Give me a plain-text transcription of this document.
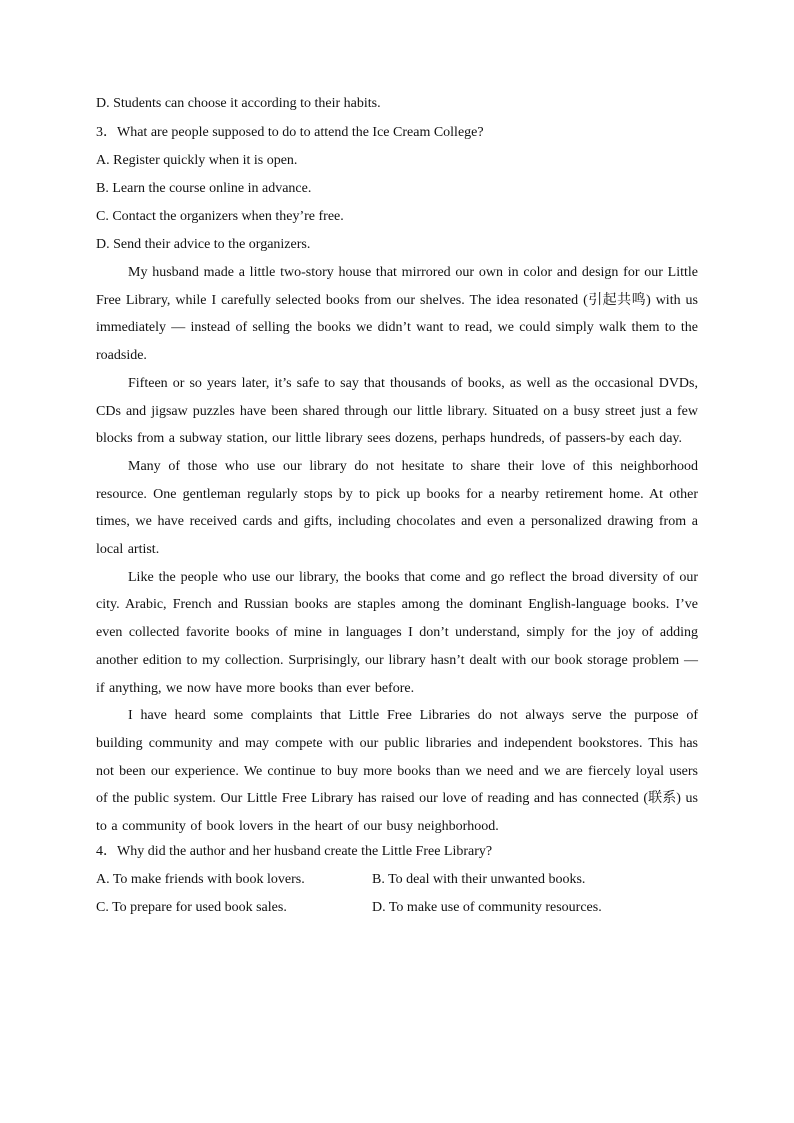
D. Students can choose it according to their habits.

3．What are people supposed to do to attend the Ice Cream College?

A. Register quickly when it is open.

B. Learn the course online in advance.

C. Contact the organizers when they’re free.

D. Send their advice to the organizers.

My husband made a little two-story house that mirrored our own in color and design for our Little Free Library, while I carefully selected books from our shelves. The idea resonated (引起共鸣) with us immediately — instead of selling the books we didn’t want to read, we could simply walk them to the roadside.

Fifteen or so years later, it’s safe to say that thousands of books, as well as the occasional DVDs, CDs and jigsaw puzzles have been shared through our little library. Situated on a busy street just a few blocks from a subway station, our little library sees dozens, perhaps hundreds, of passers-by each day.

Many of those who use our library do not hesitate to share their love of this neighborhood resource. One gentleman regularly stops by to pick up books for a nearby retirement home. At other times, we have received cards and gifts, including chocolates and even a personalized drawing from a local artist.

Like the people who use our library, the books that come and go reflect the broad diversity of our city. Arabic, French and Russian books are staples among the dominant English-language books. I’ve even collected favorite books of mine in languages I don’t understand, simply for the joy of adding another edition to my collection. Surprisingly, our library hasn’t dealt with our book storage problem — if anything, we now have more books than ever before.

I have heard some complaints that Little Free Libraries do not always serve the purpose of building community and may compete with our public libraries and independent bookstores. This has not been our experience. We continue to buy more books than we need and we are fiercely loyal users of the public system. Our Little Free Library has raised our love of reading and has connected (联系) us to a community of book lovers in the heart of our busy neighborhood.

4．Why did the author and her husband create the Little Free Library?

A. To make friends with book lovers.	B. To deal with their unwanted books.
C. To prepare for used book sales.	D. To make use of community resources.
